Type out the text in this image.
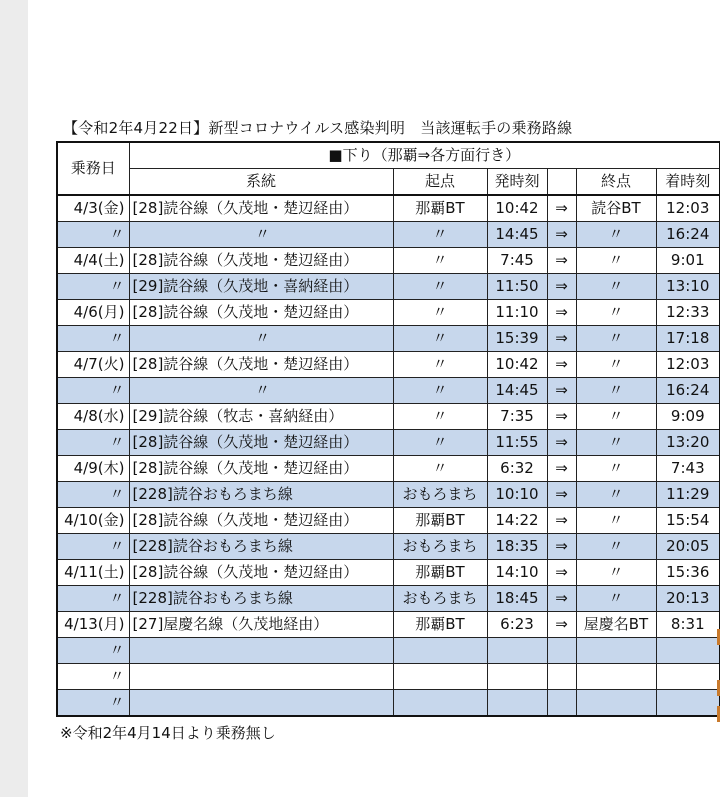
【令和2年4月22日】新型コロナウイルス感染判明　当該運転手の乗務路線
乗務日	■下り（那覇⇒各方面行き）					
	系統	起点	発時刻		終点	着時刻
4/3(金)	[28]読谷線（久茂地・楚辺経由）	那覇BT	10:42	⇒	読谷BT	12:03
〃	〃	〃	14:45	⇒	〃	16:24
4/4(土)	[28]読谷線（久茂地・楚辺経由）	〃	7:45	⇒	〃	9:01
〃	[29]読谷線（久茂地・喜納経由）	〃	11:50	⇒	〃	13:10
4/6(月)	[28]読谷線（久茂地・楚辺経由）	〃	11:10	⇒	〃	12:33
〃	〃	〃	15:39	⇒	〃	17:18
4/7(火)	[28]読谷線（久茂地・楚辺経由）	〃	10:42	⇒	〃	12:03
〃	〃	〃	14:45	⇒	〃	16:24
4/8(水)	[29]読谷線（牧志・喜納経由）	〃	7:35	⇒	〃	9:09
〃	[28]読谷線（久茂地・楚辺経由）	〃	11:55	⇒	〃	13:20
4/9(木)	[28]読谷線（久茂地・楚辺経由）	〃	6:32	⇒	〃	7:43
〃	[228]読谷おもろまち線	おもろまち	10:10	⇒	〃	11:29
4/10(金)	[28]読谷線（久茂地・楚辺経由）	那覇BT	14:22	⇒	〃	15:54
〃	[228]読谷おもろまち線	おもろまち	18:35	⇒	〃	20:05
4/11(土)	[28]読谷線（久茂地・楚辺経由）	那覇BT	14:10	⇒	〃	15:36
〃	[228]読谷おもろまち線	おもろまち	18:45	⇒	〃	20:13
4/13(月)	[27]屋慶名線（久茂地経由）	那覇BT	6:23	⇒	屋慶名BT	8:31
〃						
〃						
〃						
※令和2年4月14日より乗務無し
